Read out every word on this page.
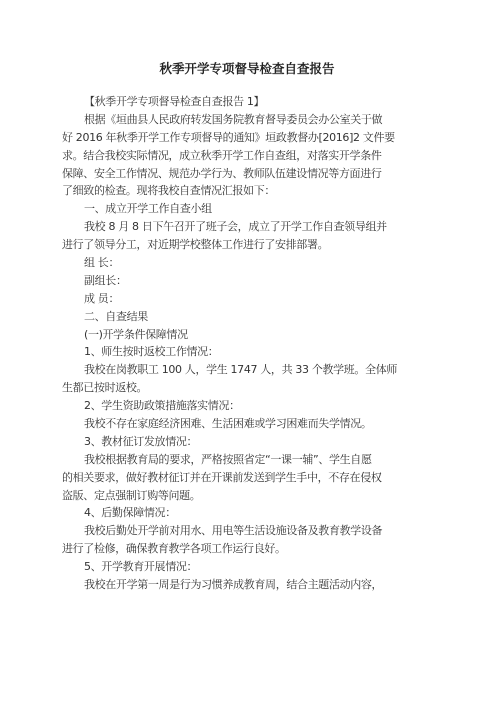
秋季开学专项督导检查自查报告
【秋季开学专项督导检查自查报告 1】
根据《垣曲县人民政府转发国务院教育督导委员会办公室关于做
好 2016 年秋季开学工作专项督导的通知》垣政教督办[2016]2 文件要
求。结合我校实际情况，成立秋季开学工作自查组，对落实开学条件
保障、安全工作情况、规范办学行为、教师队伍建设情况等方面进行
了细致的检查。现将我校自查情况汇报如下：
一、成立开学工作自查小组
我校 8 月 8 日下午召开了班子会，成立了开学工作自查领导组并
进行了领导分工，对近期学校整体工作进行了安排部署。
组 长：
副组长：
成 员：
二、自查结果
(一)开学条件保障情况
1、师生按时返校工作情况：
我校在岗教职工 100 人，学生 1747 人，共 33 个教学班。全体师
生都已按时返校。
2、学生资助政策措施落实情况：
我校不存在家庭经济困难、生活困难或学习困难而失学情况。
3、教材征订发放情况：
我校根据教育局的要求，严格按照省定“一课一辅”、学生自愿
的相关要求，做好教材征订并在开课前发送到学生手中，不存在侵权
盗版、定点强制订购等问题。
4、后勤保障情况：
我校后勤处开学前对用水、用电等生活设施设备及教育教学设备
进行了检修，确保教育教学各项工作运行良好。
5、开学教育开展情况：
我校在开学第一周是行为习惯养成教育周，结合主题活动内容，
